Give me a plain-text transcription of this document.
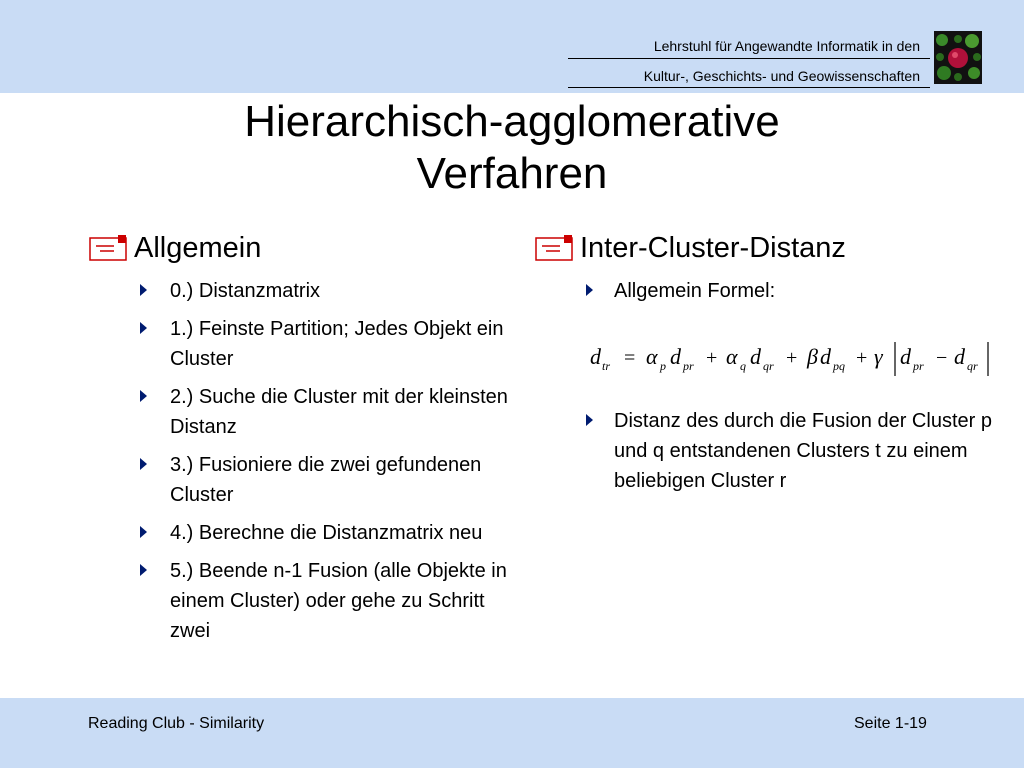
Lehrstuhl für Angewandte Informatik in den
Kultur-, Geschichts- und Geowissenschaften
Hierarchisch-agglomerative
Verfahren
Allgemein
0.) Distanzmatrix
1.) Feinste Partition; Jedes Objekt ein Cluster
2.) Suche die Cluster mit der kleinsten Distanz
3.) Fusioniere die zwei gefundenen Cluster
4.) Berechne die Distanzmatrix neu
5.) Beende n-1 Fusion (alle Objekte in einem Cluster) oder gehe zu Schritt zwei
Inter-Cluster-Distanz
Allgemein Formel:
Distanz des durch die Fusion der Cluster p und q entstandenen Clusters t zu einem beliebigen Cluster r
d tr = α p d pr + α q d qr + β d pq + γ d pr − d qr
Reading Club - Similarity	Seite 1-19
